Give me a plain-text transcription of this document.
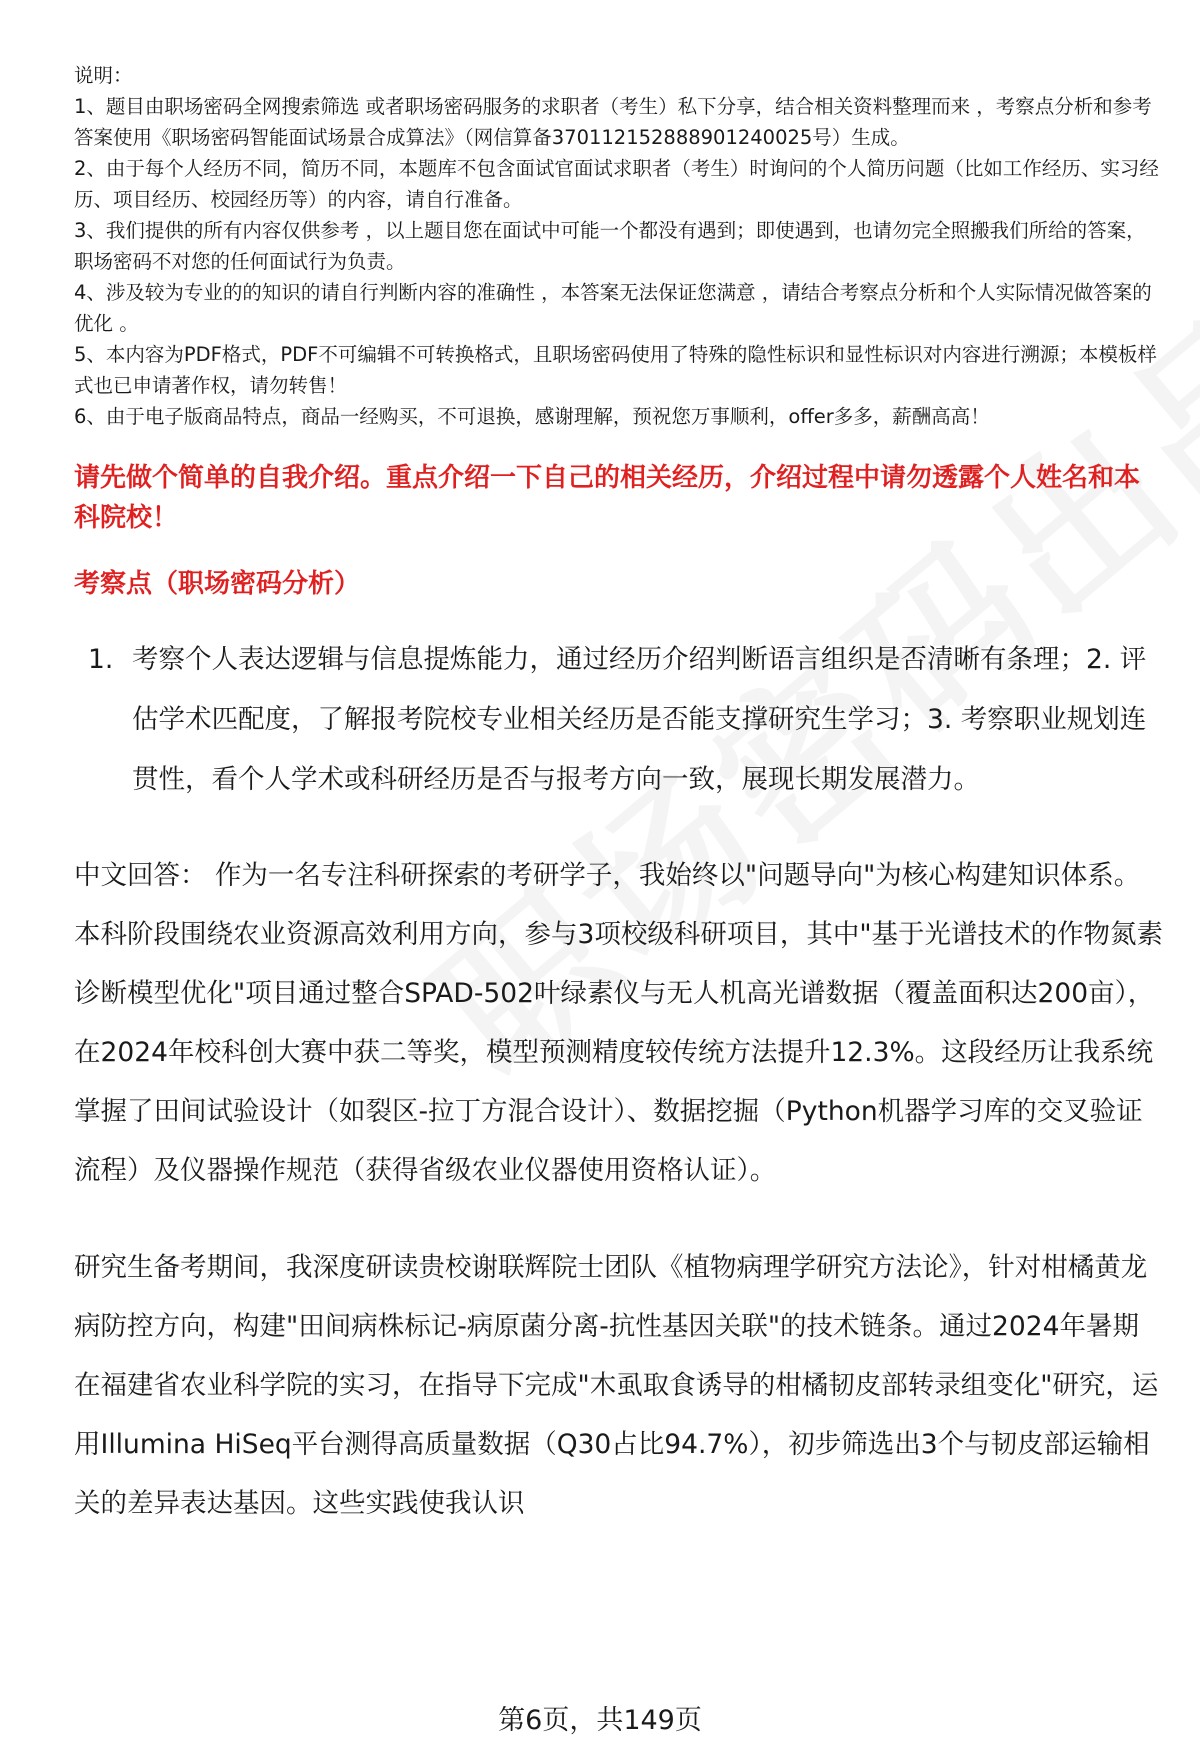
说明：

1、题目由职场密码全网搜索筛选 或者职场密码服务的求职者（考生）私下分享，结合相关资料整理而来 ，考察点分析和参考答案使用《职场密码智能面试场景合成算法》（网信算备370112152888901240025号）生成。

2、由于每个人经历不同，简历不同，本题库不包含面试官面试求职者（考生）时询问的个人简历问题（比如工作经历、实习经历、项目经历、校园经历等）的内容，请自行准备。

3、我们提供的所有内容仅供参考 ，以上题目您在面试中可能一个都没有遇到；即使遇到，也请勿完全照搬我们所给的答案，职场密码不对您的任何面试行为负责。

4、涉及较为专业的的知识的请自行判断内容的准确性 ，本答案无法保证您满意 ，请结合考察点分析和个人实际情况做答案的优化 。

5、本内容为PDF格式，PDF不可编辑不可转换格式，且职场密码使用了特殊的隐性标识和显性标识对内容进行溯源；本模板样式也已申请著作权，请勿转售！

6、由于电子版商品特点，商品一经购买，不可退换，感谢理解，预祝您万事顺利，offer多多，薪酬高高！

请先做个简单的自我介绍。重点介绍一下自己的相关经历，介绍过程中请勿透露个人姓名和本科院校！
考察点（职场密码分析）
1. 考察个人表达逻辑与信息提炼能力，通过经历介绍判断语言组织是否清晰有条理；2. 评估学术匹配度，了解报考院校专业相关经历是否能支撑研究生学习；3. 考察职业规划连贯性，看个人学术或科研经历是否与报考方向一致，展现长期发展潜力。

中文回答： 作为一名专注科研探索的考研学子，我始终以"问题导向"为核心构建知识体系。本科阶段围绕农业资源高效利用方向，参与3项校级科研项目，其中"基于光谱技术的作物氮素诊断模型优化"项目通过整合SPAD-502叶绿素仪与无人机高光谱数据（覆盖面积达200亩），在2024年校科创大赛中获二等奖，模型预测精度较传统方法提升12.3%。这段经历让我系统掌握了田间试验设计（如裂区-拉丁方混合设计）、数据挖掘（Python机器学习库的交叉验证流程）及仪器操作规范（获得省级农业仪器使用资格认证）。

研究生备考期间，我深度研读贵校谢联辉院士团队《植物病理学研究方法论》，针对柑橘黄龙病防控方向，构建"田间病株标记-病原菌分离-抗性基因关联"的技术链条。通过2024年暑期在福建省农业科学院的实习，在指导下完成"木虱取食诱导的柑橘韧皮部转录组变化"研究，运用Illumina HiSeq平台测得高质量数据（Q30占比94.7%），初步筛选出3个与韧皮部运输相关的差异表达基因。这些实践使我认识

第6页，共149页
